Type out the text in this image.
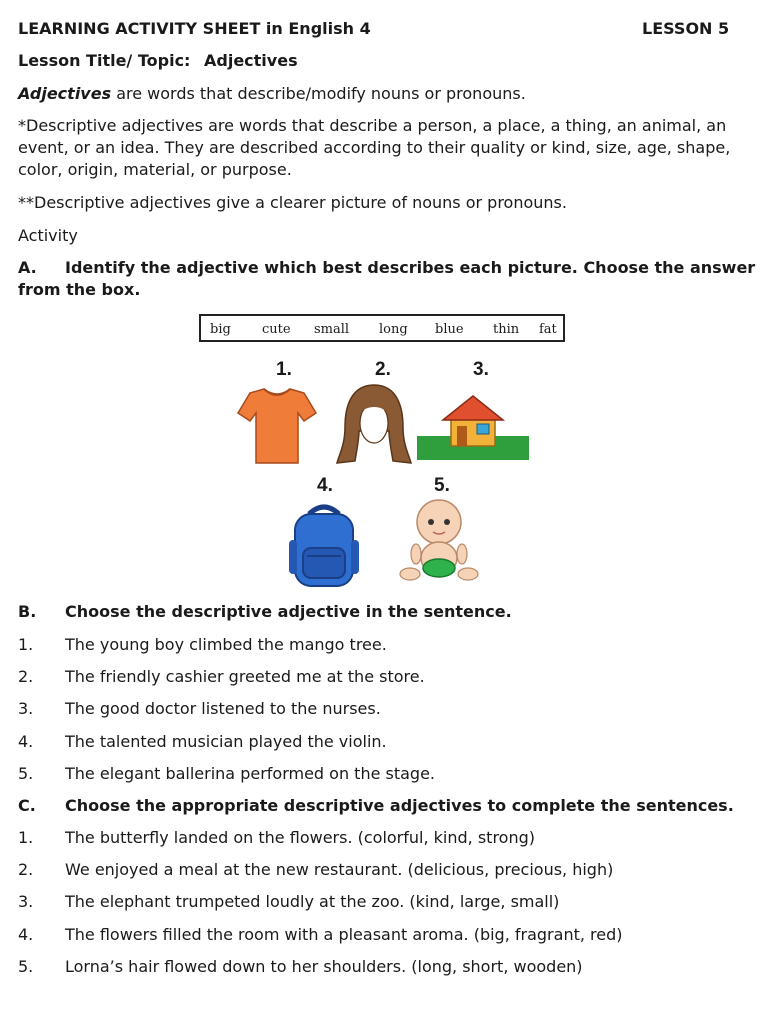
LEARNING ACTIVITY SHEET in English 4	LESSON 5
Lesson Title/ Topic: Adjectives
Adjectives are words that describe/modify nouns or pronouns.
*Descriptive adjectives are words that describe a person, a place, a thing, an animal, an event, or an idea. They are described according to their quality or kind, size, age, shape, color, origin, material, or purpose.
**Descriptive adjectives give a clearer picture of nouns or pronouns.
Activity
A. Identify the adjective which best describes each picture. Choose the answer
from the box.
big cute small long blue thin fat
1.	2.	3.
4.	5.
B. Choose the descriptive adjective in the sentence.
1. The young boy climbed the mango tree.
2. The friendly cashier greeted me at the store.
3. The good doctor listened to the nurses.
4. The talented musician played the violin.
5. The elegant ballerina performed on the stage.
C. Choose the appropriate descriptive adjectives to complete the sentences.
1. The butterfly landed on the flowers. (colorful, kind, strong)
2. We enjoyed a meal at the new restaurant. (delicious, precious, high)
3. The elephant trumpeted loudly at the zoo. (kind, large, small)
4. The flowers filled the room with a pleasant aroma. (big, fragrant, red)
5. Lorna’s hair flowed down to her shoulders. (long, short, wooden)
